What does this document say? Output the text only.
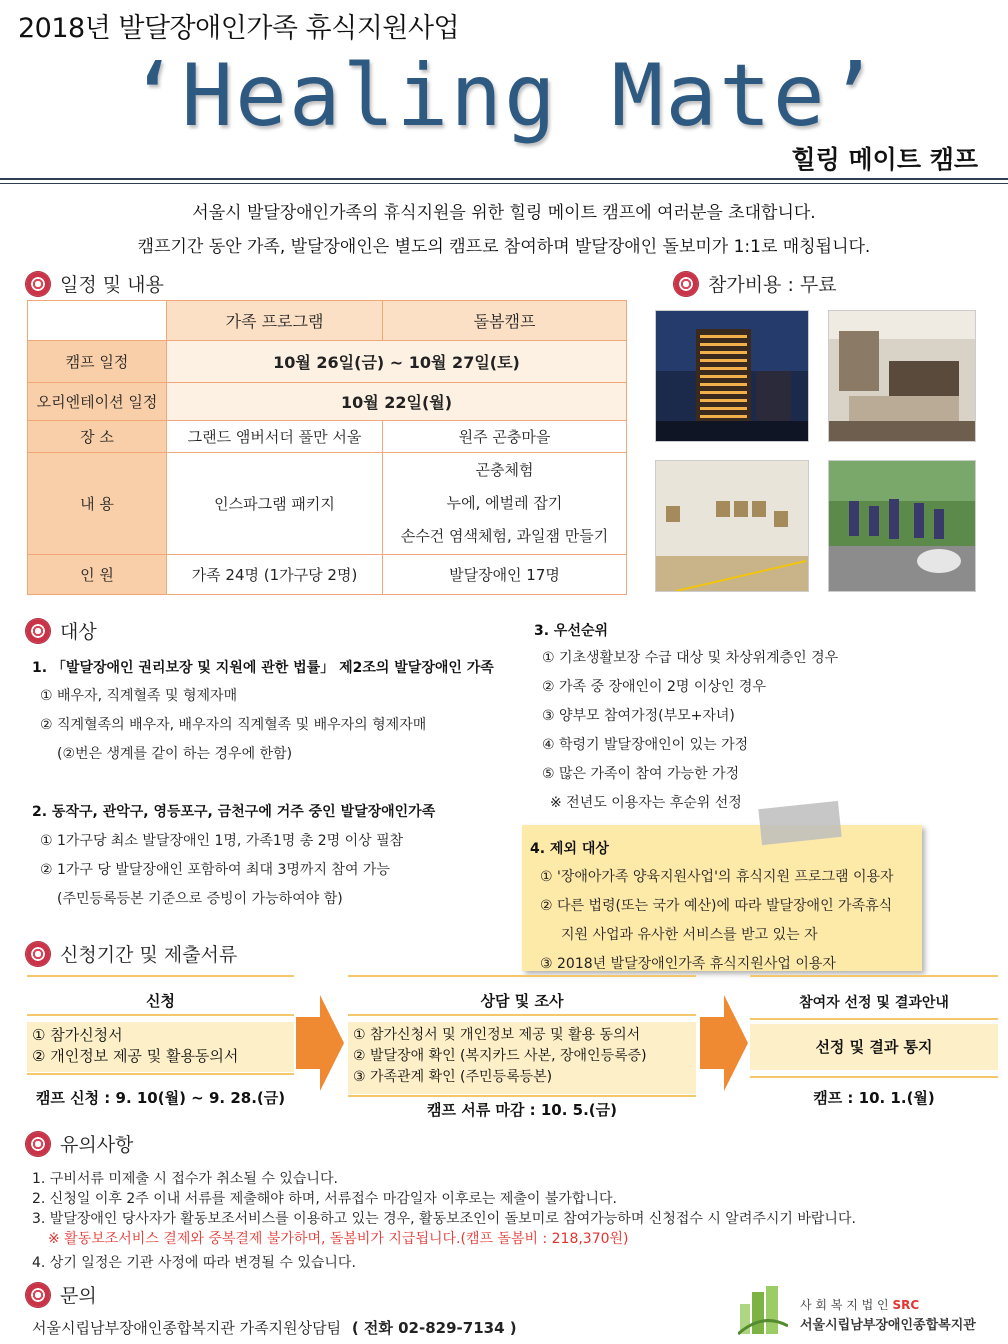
2018년 발달장애인가족 휴식지원사업
‘Healing Mate’
힐링 메이트 캠프
서울시 발달장애인가족의 휴식지원을 위한 힐링 메이트 캠프에 여러분을 초대합니다.
캠프기간 동안 가족, 발달장애인은 별도의 캠프로 참여하며 발달장애인 돌보미가 1:1로 매칭됩니다.
일정 및 내용
	가족 프로그램	돌봄캠프
캠프 일정	10월 26일(금) ~ 10월 27일(토)	
오리엔테이션 일정	10월 22일(월)	
장 소	그랜드 앰버서더 풀만 서울	원주 곤충마을
내 용	인스파그램 패키지	곤충체험
누에, 에벌레 잡기
손수건 염색체험, 과일잼 만들기

인 원	가족 24명 (1가구당 2명)	발달장애인 17명
참가비용 : 무료
대상
1. 「발달장애인 권리보장 및 지원에 관한 법률」 제2조의 발달장애인 가족
① 배우자, 직계혈족 및 형제자매
② 직계혈족의 배우자, 배우자의 직계혈족 및 배우자의 형제자매
(②번은 생계를 같이 하는 경우에 한함)
2. 동작구, 관악구, 영등포구, 금천구에 거주 중인 발달장애인가족
① 1가구당 최소 발달장애인 1명, 가족1명 총 2명 이상 필참
② 1가구 당 발달장애인 포함하여 최대 3명까지 참여 가능
(주민등록등본 기준으로 증빙이 가능하여야 함)
3. 우선순위
① 기초생활보장 수급 대상 및 차상위계층인 경우
② 가족 중 장애인이 2명 이상인 경우
③ 양부모 참여가정(부모+자녀)
④ 학령기 발달장애인이 있는 가정
⑤ 많은 가족이 참여 가능한 가정
※ 전년도 이용자는 후순위 선정
4. 제외 대상
① '장애아가족 양육지원사업'의 휴식지원 프로그램 이용자
② 다른 법령(또는 국가 예산)에 따라 발달장애인 가족휴식
지원 사업과 유사한 서비스를 받고 있는 자
③ 2018년 발달장애인가족 휴식지원사업 이용자
신청기간 및 제출서류
신청
① 참가신청서
② 개인정보 제공 및 활용동의서
캠프 신청 : 9. 10(월) ~ 9. 28.(금)
상담 및 조사
① 참가신청서 및 개인정보 제공 및 활용 동의서
② 발달장애 확인 (복지카드 사본, 장애인등록증)
③ 가족관계 확인 (주민등록등본)
캠프 서류 마감 : 10. 5.(금)
참여자 선정 및 결과안내
선정 및 결과 통지
캠프 : 10. 1.(월)
유의사항
1. 구비서류 미제출 시 접수가 취소될 수 있습니다.
2. 신청일 이후 2주 이내 서류를 제출해야 하며, 서류접수 마감일자 이후로는 제출이 불가합니다.
3. 발달장애인 당사자가 활동보조서비스를 이용하고 있는 경우, 활동보조인이 돌보미로 참여가능하며 신청접수 시 알려주시기 바랍니다.
※ 활동보조서비스 결제와 중복결제 불가하며, 돌봄비가 지급됩니다.(캠프 돌봄비 : 218,370원)
4. 상기 일정은 기관 사정에 따라 변경될 수 있습니다.
문의
서울시립남부장애인종합복지관 가족지원상담팀 ( 전화 02-829-7134 )
사 회 복 지 법 인 SRC
서울시립남부장애인종합복지관
